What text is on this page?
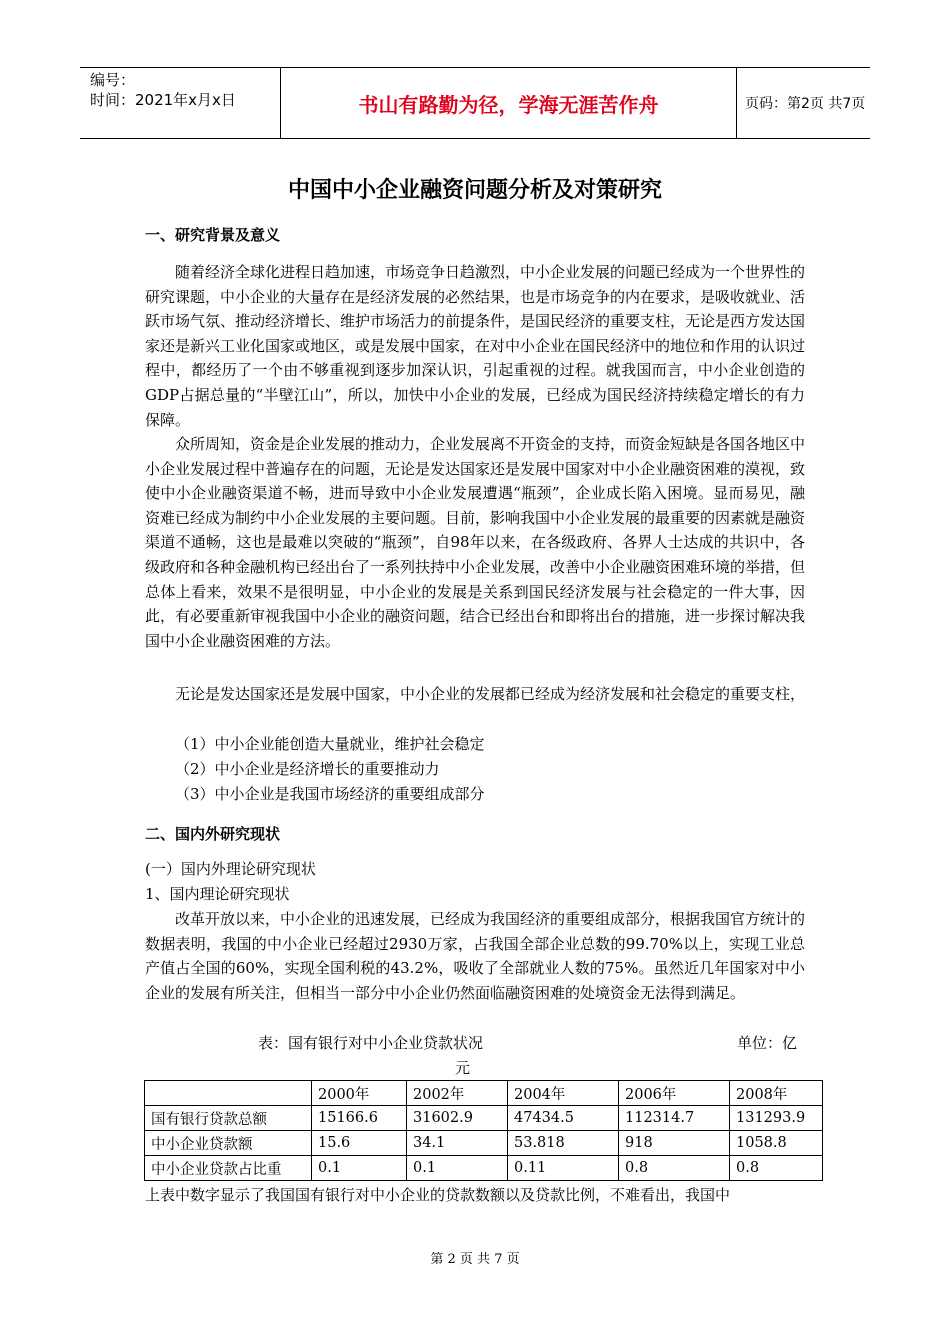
编号：
时间：2021年x月x日	书山有路勤为径，学海无涯苦作舟	页码：第2页 共7页
中国中小企业融资问题分析及对策研究
一、研究背景及意义

随着经济全球化进程日趋加速，市场竞争日趋激烈，中小企业发展的问题已经成为一个世界性的研究课题，中小企业的大量存在是经济发展的必然结果，也是市场竞争的内在要求，是吸收就业、活跃市场气氛、推动经济增长、维护市场活力的前提条件，是国民经济的重要支柱，无论是西方发达国家还是新兴工业化国家或地区，或是发展中国家，在对中小企业在国民经济中的地位和作用的认识过程中，都经历了一个由不够重视到逐步加深认识，引起重视的过程。就我国而言，中小企业创造的GDP占据总量的“半壁江山”，所以，加快中小企业的发展，已经成为国民经济持续稳定增长的有力保障。

众所周知，资金是企业发展的推动力，企业发展离不开资金的支持，而资金短缺是各国各地区中小企业发展过程中普遍存在的问题，无论是发达国家还是发展中国家对中小企业融资困难的漠视，致使中小企业融资渠道不畅，进而导致中小企业发展遭遇“瓶颈”，企业成长陷入困境。显而易见，融资难已经成为制约中小企业发展的主要问题。目前，影响我国中小企业发展的最重要的因素就是融资渠道不通畅，这也是最难以突破的“瓶颈”，自98年以来，在各级政府、各界人士达成的共识中，各级政府和各种金融机构已经出台了一系列扶持中小企业发展，改善中小企业融资困难环境的举措，但总体上看来，效果不是很明显，中小企业的发展是关系到国民经济发展与社会稳定的一件大事，因此，有必要重新审视我国中小企业的融资问题，结合已经出台和即将出台的措施，进一步探讨解决我国中小企业融资困难的方法。

无论是发达国家还是发展中国家，中小企业的发展都已经成为经济发展和社会稳定的重要支柱，

（1）中小企业能创造大量就业，维护社会稳定
（2）中小企业是经济增长的重要推动力
（3）中小企业是我国市场经济的重要组成部分
二、国内外研究现状
(一）国内外理论研究现状
1、国内理论研究现状

改革开放以来，中小企业的迅速发展，已经成为我国经济的重要组成部分，根据我国官方统计的数据表明，我国的中小企业已经超过2930万家，占我国全部企业总数的99.70%以上，实现工业总产值占全国的60%，实现全国利税的43.2%，吸收了全部就业人数的75%。虽然近几年国家对中小企业的发展有所关注，但相当一部分中小企业仍然面临融资困难的处境资金无法得到满足。

表：国有银行对中小企业贷款状况	单位：亿
元
	2000年	2002年	2004年	2006年	2008年
国有银行贷款总额	15166.6	31602.9	47434.5	112314.7	131293.9
中小企业贷款额	15.6	34.1	53.818	918	1058.8
中小企业贷款占比重	0.1	0.1	0.11	0.8	0.8
上表中数字显示了我国国有银行对中小企业的贷款数额以及贷款比例，不难看出，我国中
第 2 页 共 7 页
